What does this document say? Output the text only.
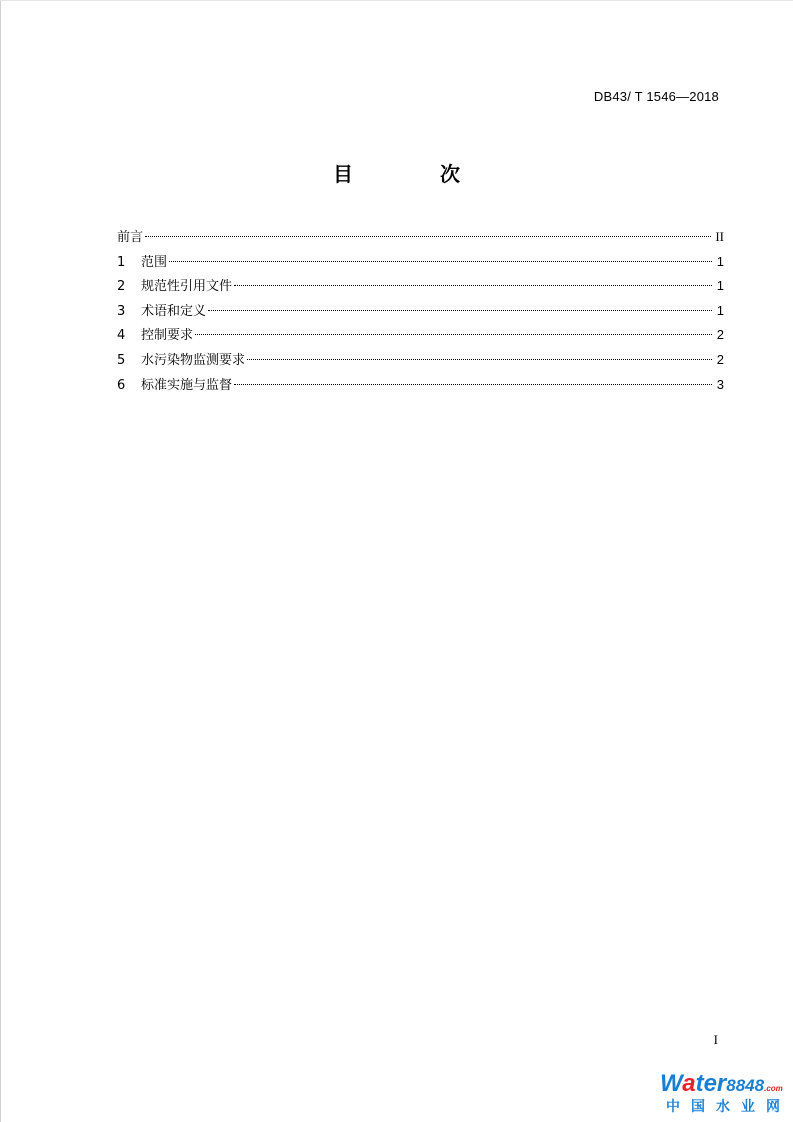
DB43/ T 1546—2018
目 次
前言	II
1	范围	1
2	规范性引用文件	1
3	术语和定义	1
4	控制要求	2
5	水污染物监测要求	2
6	标准实施与监督	3
I
Water8848.com
中国水业网
